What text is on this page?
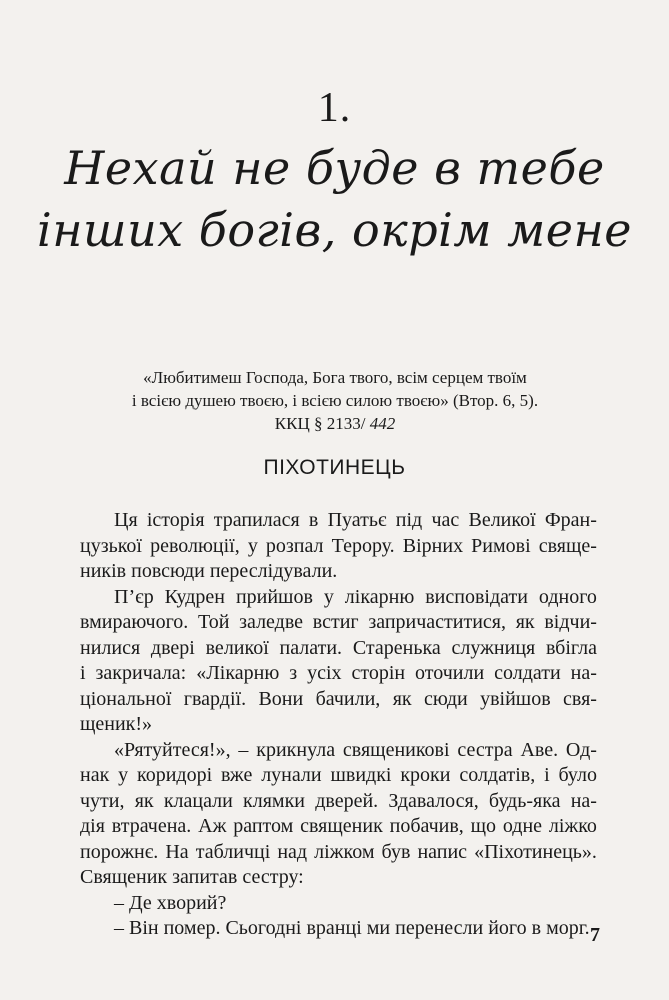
1.
Нехай не буде в тебе
інших богів, окрім мене
«Любитимеш Господа, Бога твого, всім серцем твоїм
і всією душею твоєю, і всією силою твоєю» (Втор. 6, 5).
ККЦ § 2133/ 442
ПІХОТИНЕЦЬ
Ця історія трапилася в Пуатьє під час Великої Фран-
цузької революції, у розпал Терору. Вірних Римові свяще-
ників повсюди переслідували.
П’єр Кудрен прийшов у лікарню висповідати одного
вмираючого. Той заледве встиг запричаститися, як відчи-
нилися двері великої палати. Старенька служниця вбігла
і закричала: «Лікарню з усіх сторін оточили солдати на-
ціональної гвардії. Вони бачили, як сюди увійшов свя-
щеник!»
«Рятуйтеся!», – крикнула священикові сестра Аве. Од-
нак у коридорі вже лунали швидкі кроки солдатів, і було
чути, як клацали клямки дверей. Здавалося, будь-яка на-
дія втрачена. Аж раптом священик побачив, що одне ліжко
порожнє. На табличці над ліжком був напис «Піхотинець».
Священик запитав сестру:
– Де хворий?
– Він помер. Сьогодні вранці ми перенесли його в морг. 7
